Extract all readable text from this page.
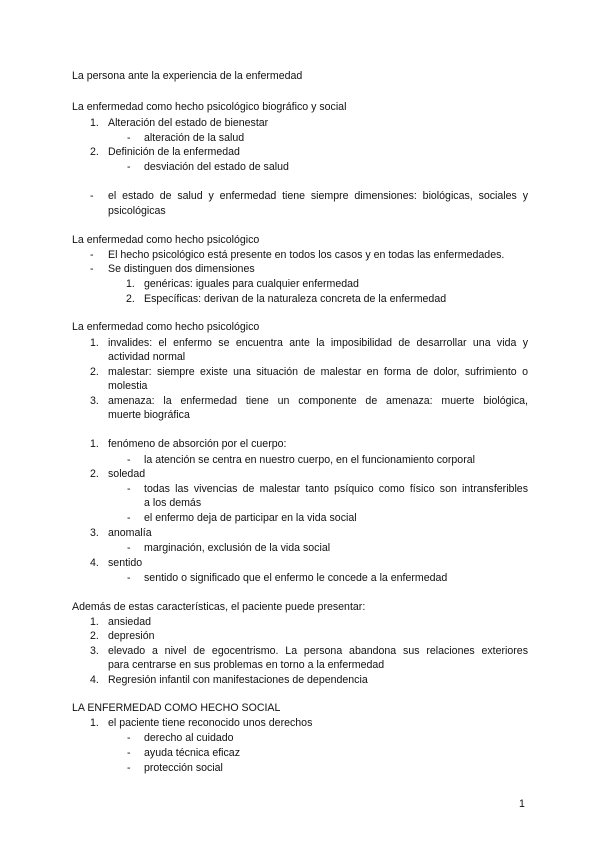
La persona ante la experiencia de la enfermedad
La enfermedad como hecho psicológico biográfico y social
1. Alteración del estado de bienestar
- alteración de la salud
2. Definición de la enfermedad
- desviación del estado de salud
- el estado de salud y enfermedad tiene siempre dimensiones: biológicas, sociales y
psicológicas
La enfermedad como hecho psicológico
- El hecho psicológico está presente en todos los casos y en todas las enfermedades.
- Se distinguen dos dimensiones
1. genéricas: iguales para cualquier enfermedad
2. Específicas: derivan de la naturaleza concreta de la enfermedad
La enfermedad como hecho psicológico
1. invalides: el enfermo se encuentra ante la imposibilidad de desarrollar una vida y
actividad normal
2. malestar: siempre existe una situación de malestar en forma de dolor, sufrimiento o
molestia
3. amenaza: la enfermedad tiene un componente de amenaza: muerte biológica,
muerte biográfica
1. fenómeno de absorción por el cuerpo:
- la atención se centra en nuestro cuerpo, en el funcionamiento corporal
2. soledad
- todas las vivencias de malestar tanto psíquico como físico son intransferibles
a los demás
- el enfermo deja de participar en la vida social
3. anomalía
- marginación, exclusión de la vida social
4. sentido
- sentido o significado que el enfermo le concede a la enfermedad
Además de estas características, el paciente puede presentar:
1. ansiedad
2. depresión
3. elevado a nivel de egocentrismo. La persona abandona sus relaciones exteriores
para centrarse en sus problemas en torno a la enfermedad
4. Regresión infantil con manifestaciones de dependencia
LA ENFERMEDAD COMO HECHO SOCIAL
1. el paciente tiene reconocido unos derechos
- derecho al cuidado
- ayuda técnica eficaz
- protección social
1
